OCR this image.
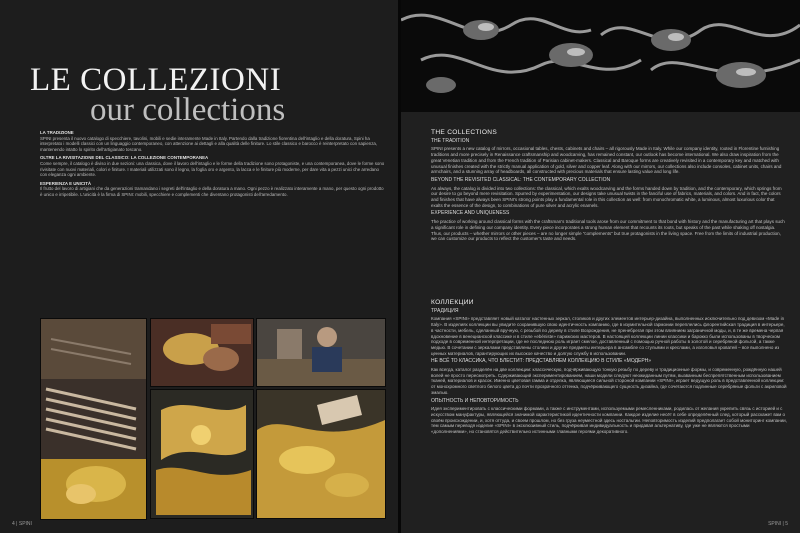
LE COLLEZIONI
our collections
LA TRADIZIONE
SPINI presenta il nuovo catalogo di specchiere, tavolini, mobili e sedie interamente Made in Italy. Partendo dalla tradizione fiorentina dell'intaglio e della doratura, Spini ha interpretato i modelli classici con un linguaggio contemporaneo, con attenzione ai dettagli e alla qualità delle finiture. Lo stile classico e barocco è reinterpretato con sapienza, mantenendo intatto lo spirito dell'artigianato toscano.
OLTRE LA RIVISITAZIONE DEL CLASSICO: LA COLLEZIONE CONTEMPORANEA
Come sempre, il catalogo è diviso in due sezioni: una classica, dove il lavoro dell'intaglio e le forme della tradizione sono protagoniste, e una contemporanea, dove le forme sono rivisitate con nuovi materiali, colori e finiture. I materiali utilizzati sono il legno, la foglia oro e argento, la lacca e le finiture più moderne, per dare vita a pezzi unici che arredano con eleganza ogni ambiente.
ESPERIENZA E UNICITÀ
Il frutto del lavoro di artigiani che da generazioni tramandano i segreti dell'intaglio e della doratura a mano. Ogni pezzo è realizzato interamente a mano, per questo ogni prodotto è unico e irripetibile. L'unicità è la firma di SPINI: mobili, specchiere e complementi che diventano protagonisti dell'arredamento.
4 | SPINI
THE COLLECTIONS
THE TRADITION

SPINI presents a new catalog of mirrors, occasional tables, chests, cabinets and chairs – all rigorously Made in Italy. While our company identity, rooted in Florentine furnishing traditions and more precisely in Renaissance craftsmanship and woodcarving, has remained constant, our outlook has become international. We also draw inspiration from the great Venetian tradition and from the French tradition of Parisian cabinet-makers. Classical and Baroque forms are creatively revisited in a contemporary key and matched with unusual finishes created with the strictly manual application of gold, silver and copper leaf. Along with our mirrors, our collections also include consoles, cabinet units, chairs and armchairs, and a stunning array of headboards, all constructed with precious materials that ensure lasting value and long life.

BEYOND THE REVISITED CLASSICAL: THE CONTEMPORARY COLLECTION

As always, the catalog is divided into two collections: the classical, which exalts woodcarving and the forms handed down by tradition, and the contemporary, which springs from our desire to go beyond mere revisitation. Spurred by experimentation, our designs take unusual twists in the fanciful use of fabrics, materials, and colors. And in fact, the colors and finishes that have always been SPINI's strong points play a fundamental role in this collection as well: from monochromatic white, a luminous, almost luxurious color that exalts the essence of the design, to combinations of pure silver and acrylic enamels.

EXPERIENCE AND UNIQUENESS

The practice of working around classical forms with the craftsman's traditional tools arose from our commitment to that bond with history and the manufacturing art that plays such a significant role in defining our company identity. Every piece incorporates a strong human element that recounts its roots, but speaks of the past while shaking off nostalgia. Thus, our products – whether mirrors or other pieces – are no longer simple "complements" but true protagonists in the living space. Free from the limits of industrial production, we can customize our products to reflect the customer's taste and needs.

КОЛЛЕКЦИИ
ТРАДИЦИЯ

Компания «SPINI» представляет новый каталог настенных зеркал, столиков и других элементов интерьер-дизайна, выполненных исключительно под девизом «Made in Italy». В изделиях коллекции вы увидите сохранившую свою идентичность компанию, где в изумительной гармонии переплелись флорентийская традиция в интерьере, в частности, мебель, сделанный вручную, с резьбой по дереву в стиле Возрождения, не пренебрегая при этом влиянием заграничной моды, и, в те же времена черпая вдохновение в венецианской классике и в стиле «ebéniste» парижских мастеров. В настоящей коллекции линии классики и барокко были использованы в творческом подходе в современной интерпретации, где не последнюю роль играет смелое, доставленный с помощью ручной работы в золотой и серебряной фольгой, а также медью. В сочетании с зеркалами представлены столики и другие предметы интерьера в ансамбле со стульями и креслами, а изголовья кроватей – все выполнено из ценных материалов, гарантирующих их высокое качество и долгую службу в использовании.

НЕ ВСЁ ТО КЛАССИКА, ЧТО БЛЕСТИТ: ПРЕДСТАВЛЯЕМ КОЛЛЕКЦИЮ В СТИЛЕ «МОДЕРН»

Как всегда, каталог разделён на две коллекции: классическую, подчёркивающую тонкую резьбу по дереву и традиционные формы, и современную, рождённую нашей волей не просто пересмотреть. Сдерживающий экспериментированием, наши модели следуют неожиданным путям, вызванным беспрепятственным использованием тканей, материалов и красок. Именно цветовая гамма и отделка, являющиеся сильной стороной компании «SPINI», играет ведущую роль в представленной коллекции: от монохромного светлого белого цвета до почти прозрачного оттенка, подчёркивающего сущность дизайна, где сочетаются подлинные серебряные фольги с акриловой эмалью.

ОПЫТНОСТЬ И НЕПОВТОРИМОСТЬ

Идея экспериментировать с классическими формами, а также с инструментами, используемыми ремесленниками, родилась от желания укрепить связь с историей и с искусством мануфактуры, являющейся значимой характеристикой идентичности компании. Каждое изделие несёт в себе определённый след, который расскажет вам о своём происхождении, и, хотя оттуда, и своем прошлом, но без груза неуместной здесь ностальгии. Неповторимость изделий предполагает собой мониторинг компании, тем самым переводя изделие «SPINI» в эксклюзивный стиль, подчёркивая индивидуальность и придавая альтернативу, где уже не являются простыми «дополнениями», но становятся действительно истинными главными героями декоративного.

SPINI | 5
